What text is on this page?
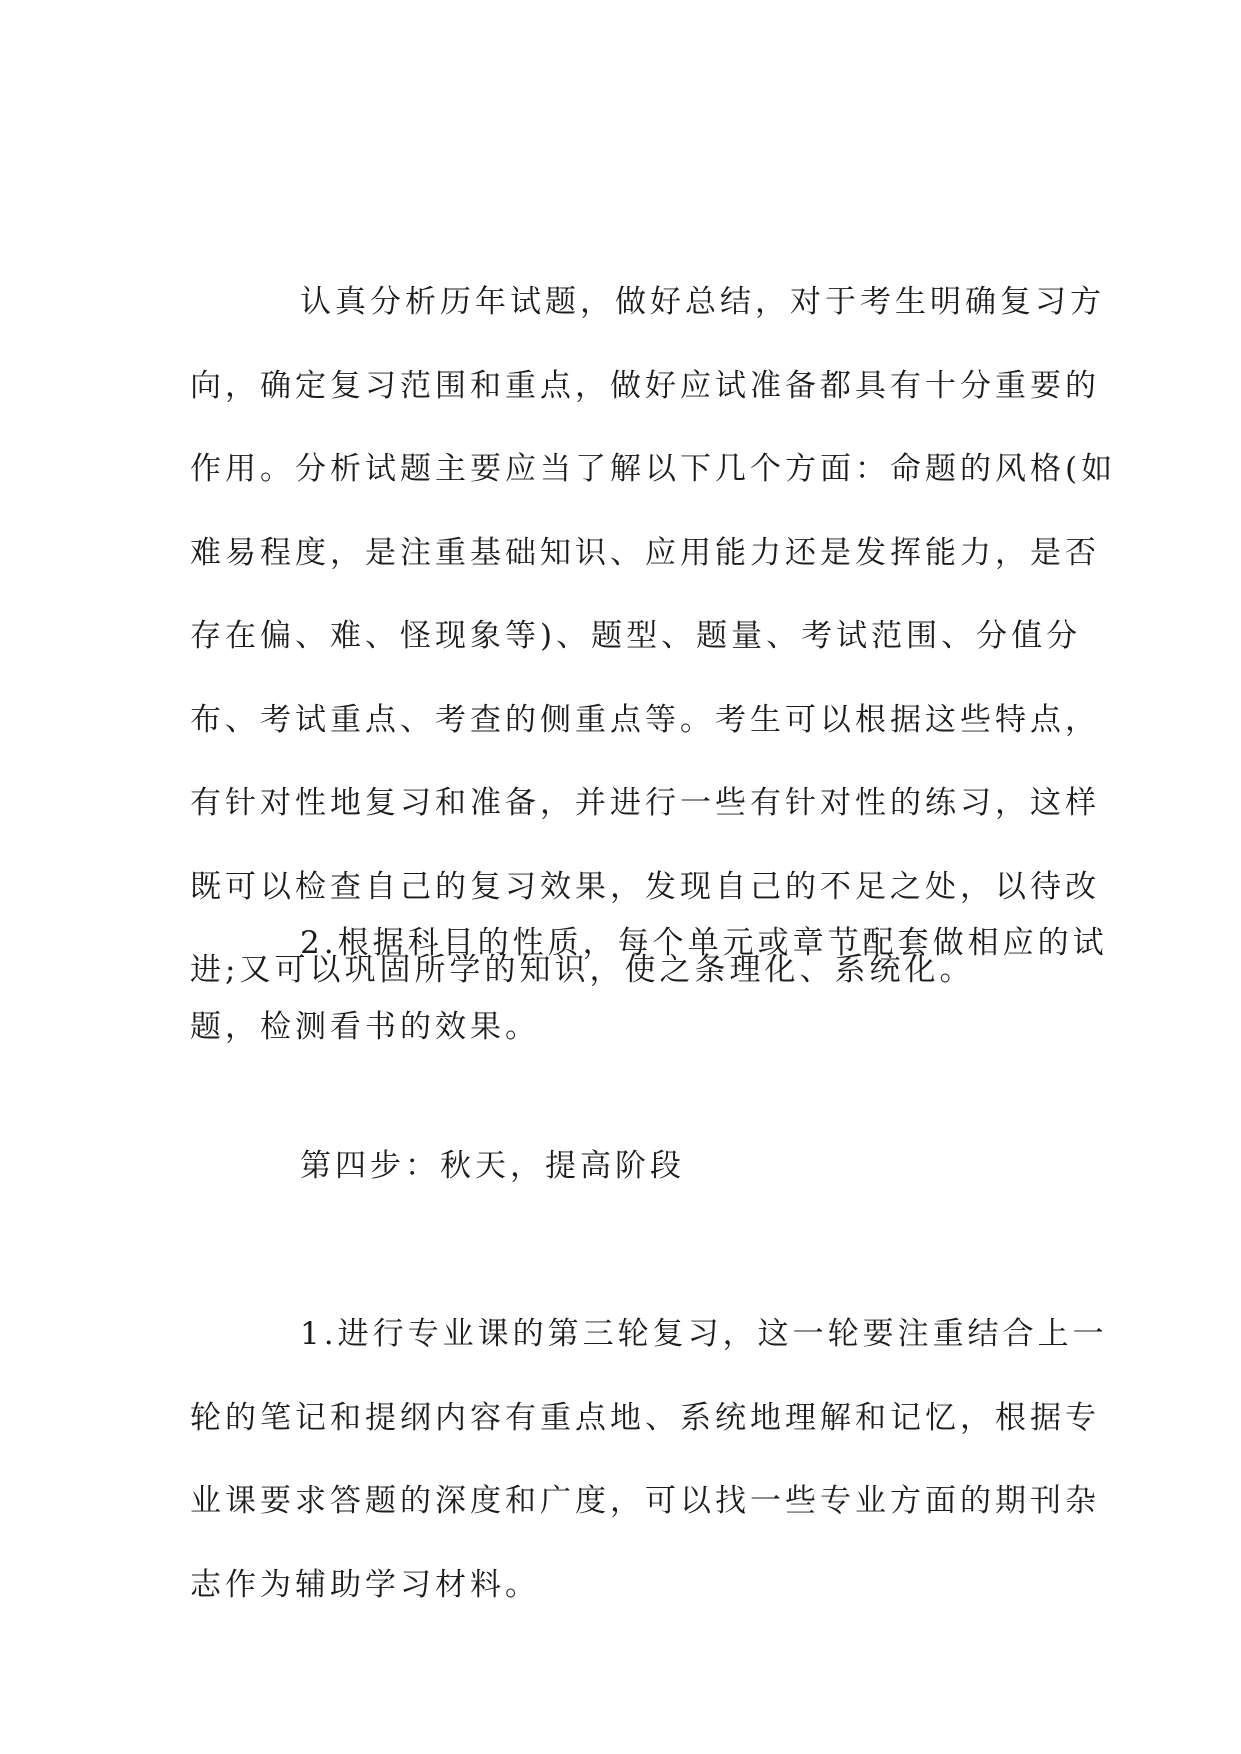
认真分析历年试题，做好总结，对于考生明确复习方
向，确定复习范围和重点，做好应试准备都具有十分重要的
作用。分析试题主要应当了解以下几个方面：命题的风格(如
难易程度，是注重基础知识、应用能力还是发挥能力，是否
存在偏、难、怪现象等)、题型、题量、考试范围、分值分
布、考试重点、考查的侧重点等。考生可以根据这些特点，
有针对性地复习和准备，并进行一些有针对性的练习，这样
既可以检查自己的复习效果，发现自己的不足之处，以待改
进;又可以巩固所学的知识，使之条理化、系统化。
2.根据科目的性质，每个单元或章节配套做相应的试
题，检测看书的效果。
第四步：秋天，提高阶段
1.进行专业课的第三轮复习，这一轮要注重结合上一
轮的笔记和提纲内容有重点地、系统地理解和记忆，根据专
业课要求答题的深度和广度，可以找一些专业方面的期刊杂
志作为辅助学习材料。
